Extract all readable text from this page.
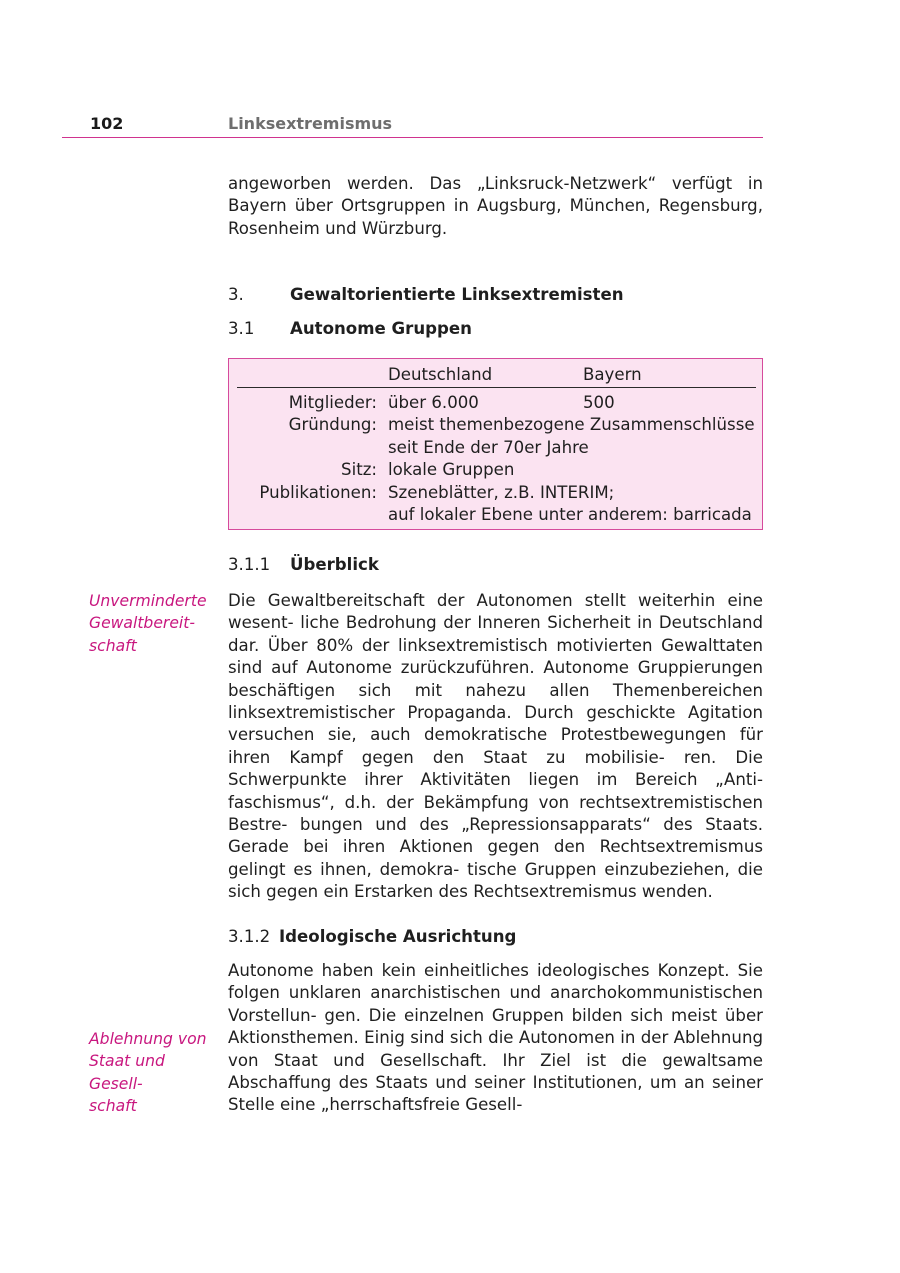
102	Linksextremismus

angeworben werden. Das „Linksruck-Netzwerk“ verfügt in Bayern über Ortsgruppen in Augsburg, München, Regensburg, Rosenheim und Würzburg.

3.	Gewaltorientierte Linksextremisten
3.1 Autonome Gruppen
Deutschland	Bayern
Mitglieder: über 6.000	500
Gründung: meist themenbezogene Zusammenschlüsse
seit Ende der 70er Jahre
Sitz: lokale Gruppen
Publikationen: Szeneblätter, z.B. INTERIM;
auf lokaler Ebene unter anderem: barricada
3.1.1 Überblick
Unverminderte
Gewaltbereit-
schaft

Die Gewaltbereitschaft der Autonomen stellt weiterhin eine wesent- liche Bedrohung der Inneren Sicherheit in Deutschland dar. Über 80% der linksextremistisch motivierten Gewalttaten sind auf Autonome zurückzuführen. Autonome Gruppierungen beschäftigen sich mit nahezu allen Themenbereichen linksextremistischer Propaganda. Durch geschickte Agitation versuchen sie, auch demokratische Protestbewegungen für ihren Kampf gegen den Staat zu mobilisie- ren. Die Schwerpunkte ihrer Aktivitäten liegen im Bereich „Anti- faschismus“, d.h. der Bekämpfung von rechtsextremistischen Bestre- bungen und des „Repressionsapparats“ des Staats. Gerade bei ihren Aktionen gegen den Rechtsextremismus gelingt es ihnen, demokra- tische Gruppen einzubeziehen, die sich gegen ein Erstarken des Rechtsextremismus wenden.

3.1.2 Ideologische Ausrichtung
Ablehnung von
Staat und Gesell-
schaft

Autonome haben kein einheitliches ideologisches Konzept. Sie folgen unklaren anarchistischen und anarchokommunistischen Vorstellun- gen. Die einzelnen Gruppen bilden sich meist über Aktionsthemen. Einig sind sich die Autonomen in der Ablehnung von Staat und Gesellschaft. Ihr Ziel ist die gewaltsame Abschaffung des Staats und seiner Institutionen, um an seiner Stelle eine „herrschaftsfreie Gesell-
